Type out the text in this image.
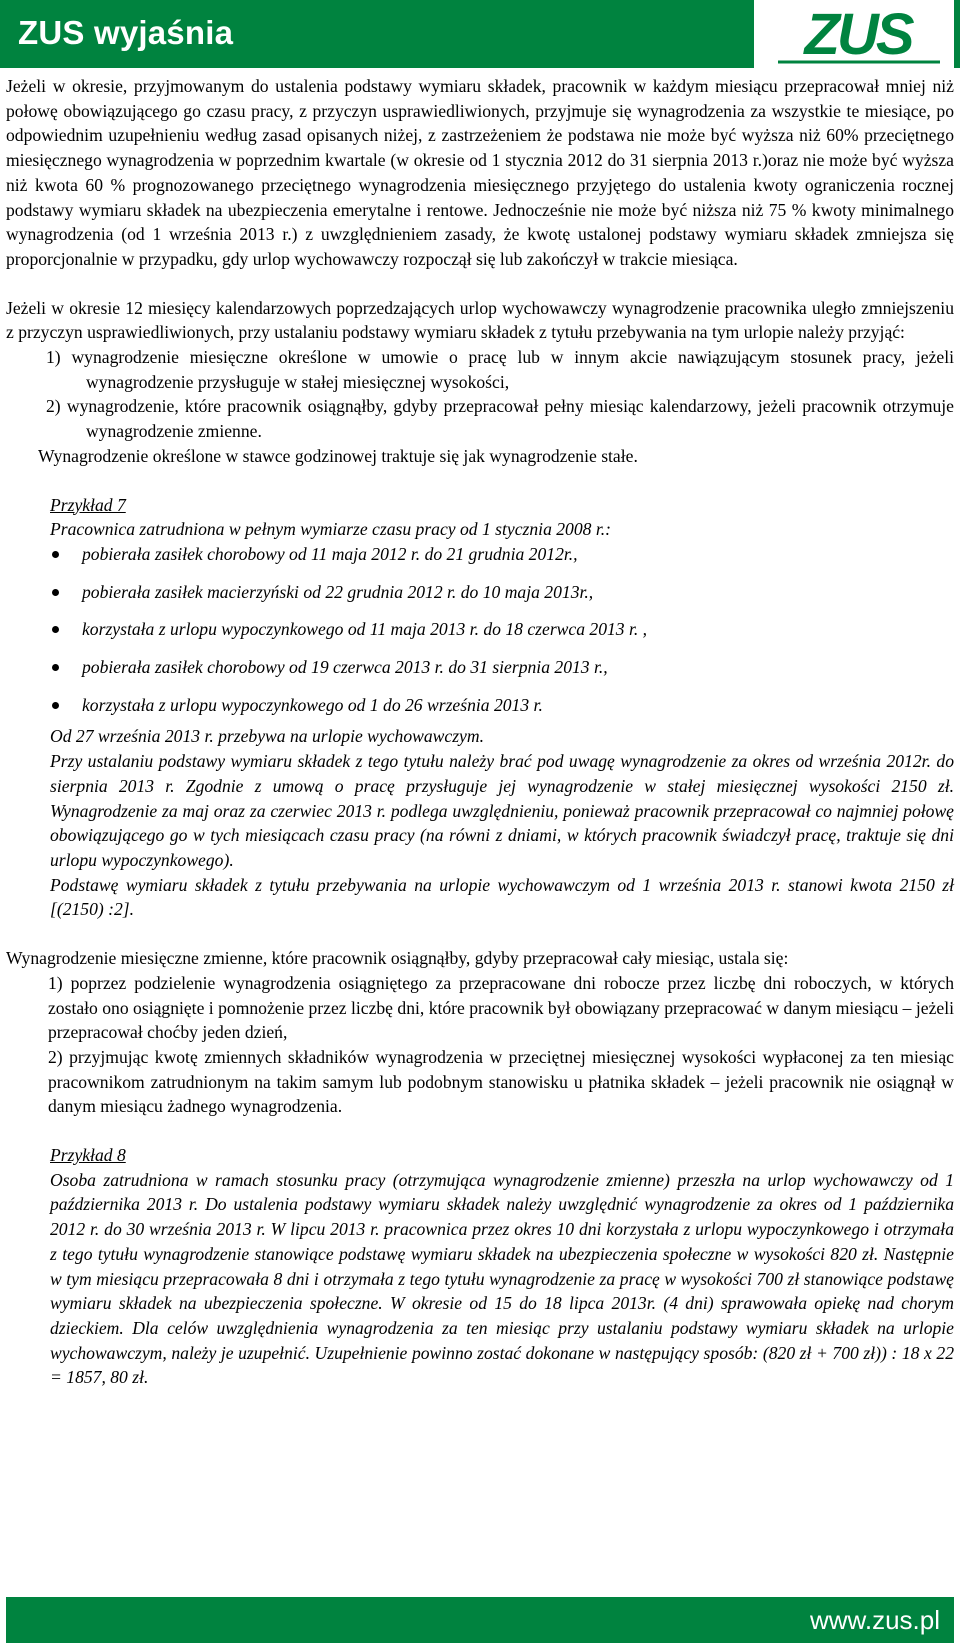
ZUS wyjaśnia	ZUS

Jeżeli w okresie, przyjmowanym do ustalenia podstawy wymiaru składek, pracownik w każdym miesiącu przepracował mniej niż połowę obowiązującego go czasu pracy, z przyczyn usprawiedliwionych, przyjmuje się wynagrodzenia za wszystkie te miesiące, po odpowiednim uzupełnieniu według zasad opisanych niżej, z zastrzeżeniem że podstawa nie może być wyższa niż 60% przeciętnego miesięcznego wynagrodzenia w poprzednim kwartale (w okresie od 1 stycznia 2012 do 31 sierpnia 2013 r.)oraz nie może być wyższa niż kwota 60 % prognozowanego przeciętnego wynagrodzenia miesięcznego przyjętego do ustalenia kwoty ograniczenia rocznej podstawy wymiaru składek na ubezpieczenia emerytalne i rentowe. Jednocześnie nie może być niższa niż 75 % kwoty minimalnego wynagrodzenia (od 1 września 2013 r.) z uwzględnieniem zasady, że kwotę ustalonej podstawy wymiaru składek zmniejsza się proporcjonalnie w przypadku, gdy urlop wychowawczy rozpoczął się lub zakończył w trakcie miesiąca.

Jeżeli w okresie 12 miesięcy kalendarzowych poprzedzających urlop wychowawczy wynagrodzenie pracownika uległo zmniejszeniu z przyczyn usprawiedliwionych, przy ustalaniu podstawy wymiaru składek z tytułu przebywania na tym urlopie należy przyjąć:

1) wynagrodzenie miesięczne określone w umowie o pracę lub w innym akcie nawiązującym stosunek pracy, jeżeli wynagrodzenie przysługuje w stałej miesięcznej wysokości,

2) wynagrodzenie, które pracownik osiągnąłby, gdyby przepracował pełny miesiąc kalendarzowy, jeżeli pracownik otrzymuje wynagrodzenie zmienne.

Wynagrodzenie określone w stawce godzinowej traktuje się jak wynagrodzenie stałe.

Przykład 7

Pracownica zatrudniona w pełnym wymiarze czasu pracy od 1 stycznia 2008 r.:

pobierała zasiłek chorobowy od 11 maja 2012 r. do 21 grudnia 2012r.,
pobierała zasiłek macierzyński od 22 grudnia 2012 r. do 10 maja 2013r.,
korzystała z urlopu wypoczynkowego od 11 maja 2013 r. do 18 czerwca 2013 r. ,
pobierała zasiłek chorobowy od 19 czerwca 2013 r. do 31 sierpnia 2013 r.,
korzystała z urlopu wypoczynkowego od 1 do 26 września 2013 r.

Od 27 września 2013 r. przebywa na urlopie wychowawczym.

Przy ustalaniu podstawy wymiaru składek z tego tytułu należy brać pod uwagę wynagrodzenie za okres od września 2012r. do sierpnia 2013 r. Zgodnie z umową o pracę przysługuje jej wynagrodzenie w stałej miesięcznej wysokości 2150 zł. Wynagrodzenie za maj oraz za czerwiec 2013 r. podlega uwzględnieniu, ponieważ pracownik przepracował co najmniej połowę obowiązującego go w tych miesiącach czasu pracy (na równi z dniami, w których pracownik świadczył pracę, traktuje się dni urlopu wypoczynkowego).

Podstawę wymiaru składek z tytułu przebywania na urlopie wychowawczym od 1 września 2013 r. stanowi kwota 2150 zł [(2150) :2].

Wynagrodzenie miesięczne zmienne, które pracownik osiągnąłby, gdyby przepracował cały miesiąc, ustala się:

1) poprzez podzielenie wynagrodzenia osiągniętego za przepracowane dni robocze przez liczbę dni roboczych, w których zostało ono osiągnięte i pomnożenie przez liczbę dni, które pracownik był obowiązany przepracować w danym miesiącu – jeżeli przepracował choćby jeden dzień,

2) przyjmując kwotę zmiennych składników wynagrodzenia w przeciętnej miesięcznej wysokości wypłaconej za ten miesiąc pracownikom zatrudnionym na takim samym lub podobnym stanowisku u płatnika składek – jeżeli pracownik nie osiągnął w danym miesiącu żadnego wynagrodzenia.

Przykład 8

Osoba zatrudniona w ramach stosunku pracy (otrzymująca wynagrodzenie zmienne) przeszła na urlop wychowawczy od 1 października 2013 r. Do ustalenia podstawy wymiaru składek należy uwzględnić wynagrodzenie za okres od 1 października 2012 r. do 30 września 2013 r. W lipcu 2013 r. pracownica przez okres 10 dni korzystała z urlopu wypoczynkowego i otrzymała z tego tytułu wynagrodzenie stanowiące podstawę wymiaru składek na ubezpieczenia społeczne w wysokości 820 zł. Następnie w tym miesiącu przepracowała 8 dni i otrzymała z tego tytułu wynagrodzenie za pracę w wysokości 700 zł stanowiące podstawę wymiaru składek na ubezpieczenia społeczne. W okresie od 15 do 18 lipca 2013r. (4 dni) sprawowała opiekę nad chorym dzieckiem. Dla celów uwzględnienia wynagrodzenia za ten miesiąc przy ustalaniu podstawy wymiaru składek na urlopie wychowawczym, należy je uzupełnić. Uzupełnienie powinno zostać dokonane w następujący sposób: (820 zł + 700 zł)) : 18 x 22 = 1857, 80 zł.

www.zus.pl
